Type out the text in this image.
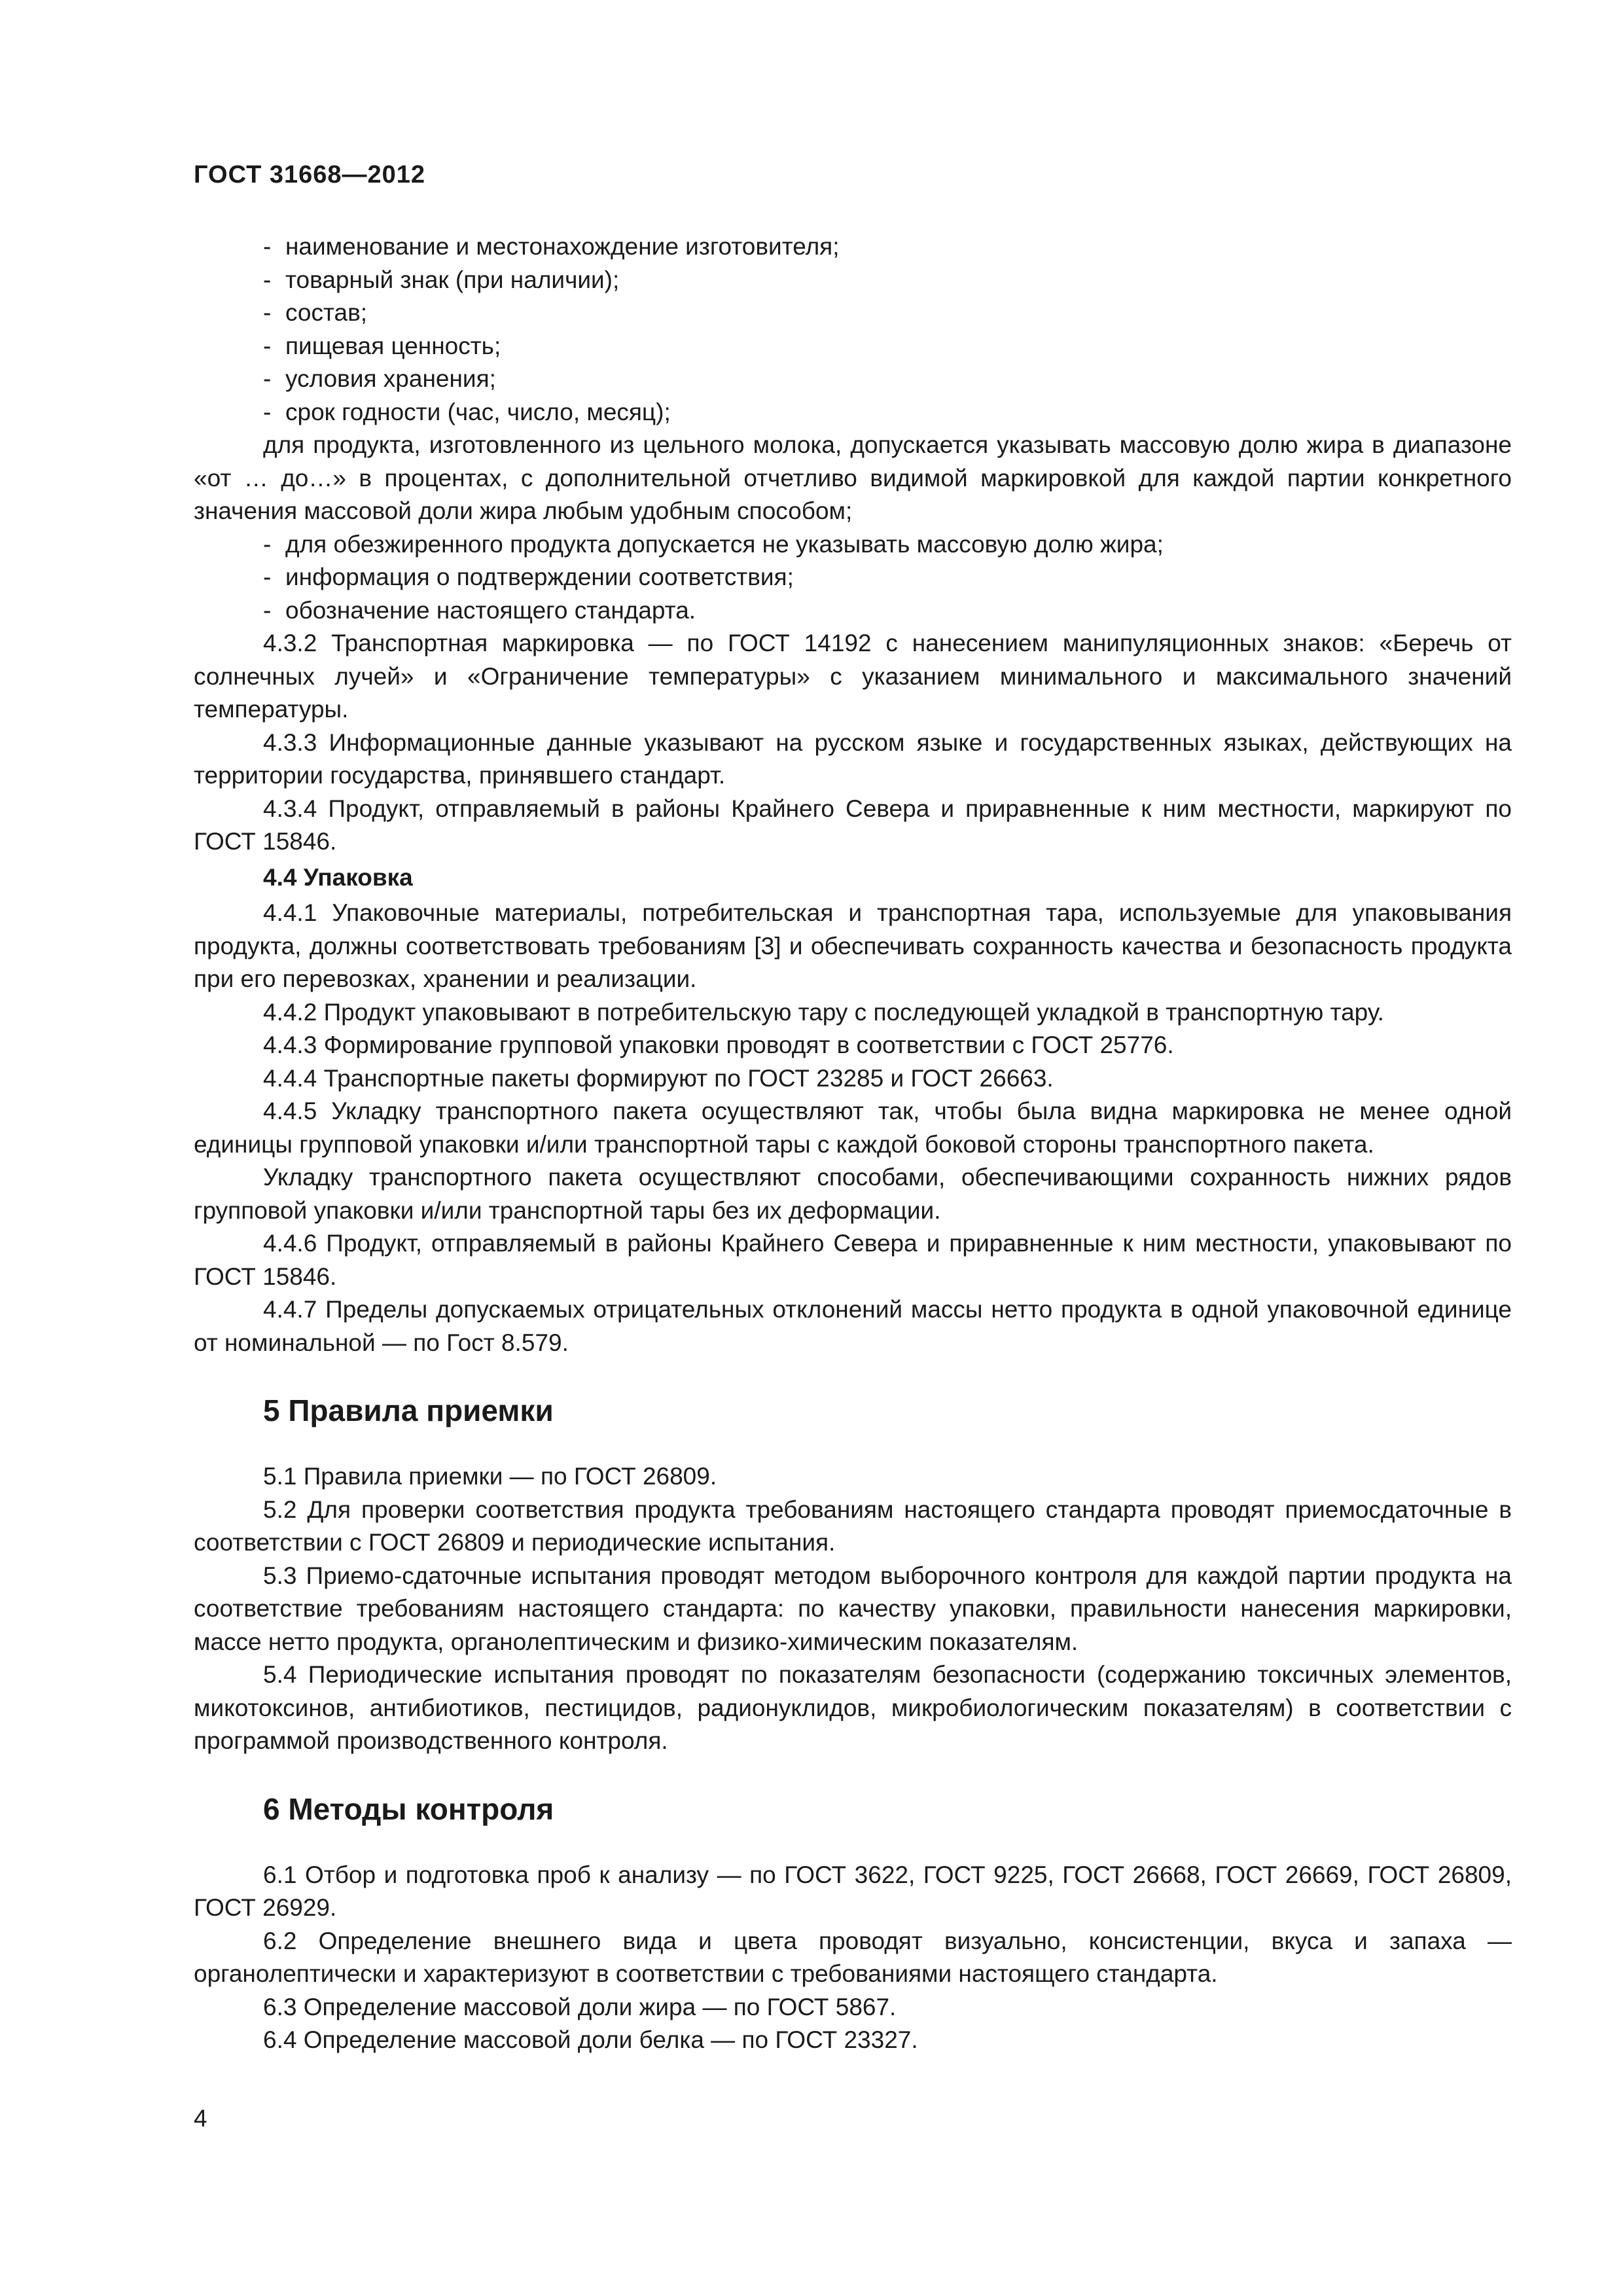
ГОСТ 31668—2012

- наименование и местонахождение изготовителя;

- товарный знак (при наличии);

- состав;

- пищевая ценность;

- условия хранения;

- срок годности (час, число, месяц);

для продукта, изготовленного из цельного молока, допускается указывать массовую долю жира в диапазоне «от … до…» в процентах, с дополнительной отчетливо видимой маркировкой для каждой партии конкретного значения массовой доли жира любым удобным способом;

- для обезжиренного продукта допускается не указывать массовую долю жира;

- информация о подтверждении соответствия;

- обозначение настоящего стандарта.

4.3.2 Транспортная маркировка — по ГОСТ 14192 с нанесением манипуляционных знаков: «Беречь от солнечных лучей» и «Ограничение температуры» с указанием минимального и максимального значений температуры.

4.3.3 Информационные данные указывают на русском языке и государственных языках, действующих на территории государства, принявшего стандарт.

4.3.4 Продукт, отправляемый в районы Крайнего Севера и приравненные к ним местности, маркируют по ГОСТ 15846.

4.4 Упаковка

4.4.1 Упаковочные материалы, потребительская и транспортная тара, используемые для упаковывания продукта, должны соответствовать требованиям [3] и обеспечивать сохранность качества и безопасность продукта при его перевозках, хранении и реализации.

4.4.2 Продукт упаковывают в потребительскую тару с последующей укладкой в транспортную тару.

4.4.3 Формирование групповой упаковки проводят в соответствии с ГОСТ 25776.

4.4.4 Транспортные пакеты формируют по ГОСТ 23285 и ГОСТ 26663.

4.4.5 Укладку транспортного пакета осуществляют так, чтобы была видна маркировка не менее одной единицы групповой упаковки и/или транспортной тары с каждой боковой стороны транспортного пакета.

Укладку транспортного пакета осуществляют способами, обеспечивающими сохранность нижних рядов групповой упаковки и/или транспортной тары без их деформации.

4.4.6 Продукт, отправляемый в районы Крайнего Севера и приравненные к ним местности, упаковывают по ГОСТ 15846.

4.4.7 Пределы допускаемых отрицательных отклонений массы нетто продукта в одной упаковочной единице от номинальной — по Гост 8.579.

5 Правила приемки

5.1 Правила приемки — по ГОСТ 26809.

5.2 Для проверки соответствия продукта требованиям настоящего стандарта проводят приемосдаточные в соответствии с ГОСТ 26809 и периодические испытания.

5.3 Приемо-сдаточные испытания проводят методом выборочного контроля для каждой партии продукта на соответствие требованиям настоящего стандарта: по качеству упаковки, правильности нанесения маркировки, массе нетто продукта, органолептическим и физико-химическим показателям.

5.4 Периодические испытания проводят по показателям безопасности (содержанию токсичных элементов, микотоксинов, антибиотиков, пестицидов, радионуклидов, микробиологическим показателям) в соответствии с программой производственного контроля.

6 Методы контроля

6.1 Отбор и подготовка проб к анализу — по ГОСТ 3622, ГОСТ 9225, ГОСТ 26668, ГОСТ 26669, ГОСТ 26809, ГОСТ 26929.

6.2 Определение внешнего вида и цвета проводят визуально, консистенции, вкуса и запаха — органолептически и характеризуют в соответствии с требованиями настоящего стандарта.

6.3 Определение массовой доли жира — по ГОСТ 5867.

6.4 Определение массовой доли белка — по ГОСТ 23327.

4
